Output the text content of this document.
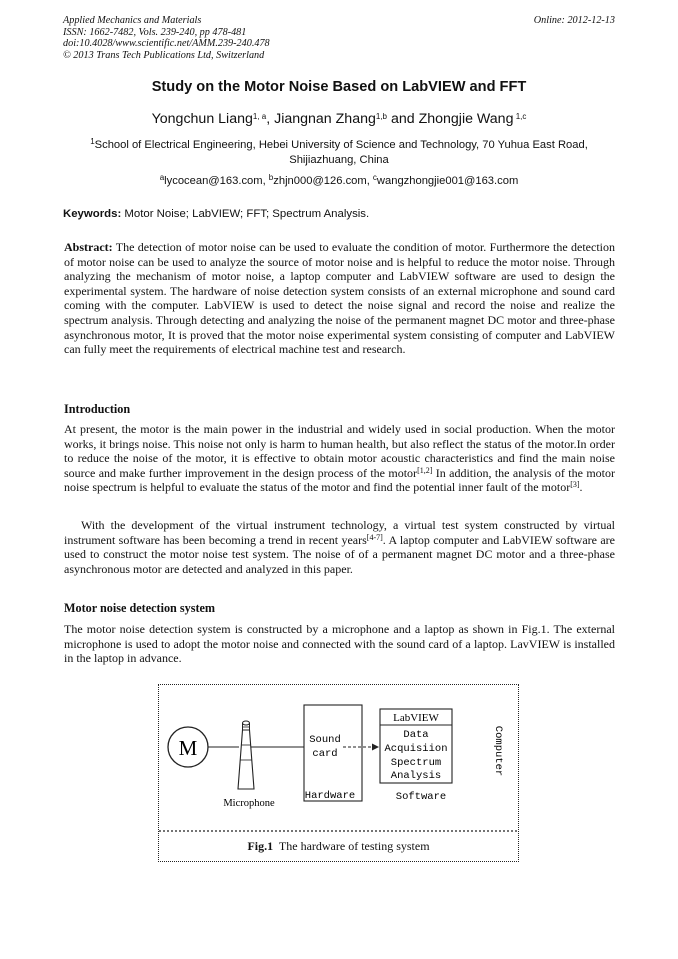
Applied Mechanics and Materials
ISSN: 1662-7482, Vols. 239-240, pp 478-481
doi:10.4028/www.scientific.net/AMM.239-240.478
© 2013 Trans Tech Publications Ltd, Switzerland
Online: 2012-12-13
Study on the Motor Noise Based on LabVIEW and FFT
Yongchun Liang$^{1, a}$, Jiangnan Zhang$^{1,b}$ and Zhongjie Wang $^{1,c}$
$^1$School of Electrical Engineering, Hebei University of Science and Technology, 70 Yuhua East Road,
Shijiazhuang, China
$^a$lycocean@163.com, $^b$zhjn000@126.com, $^c$wangzhongjie001@163.com
Keywords: Motor Noise; LabVIEW; FFT; Spectrum Analysis.
Abstract: The detection of motor noise can be used to evaluate the condition of motor. Furthermore the detection of motor noise can be used to analyze the source of motor noise and is helpful to reduce the motor noise. Through analyzing the mechanism of motor noise, a laptop computer and LabVIEW software are used to design the experimental system. The hardware of noise detection system consists of an external microphone and sound card coming with the computer. LabVIEW is used to detect the noise signal and record the noise and realize the spectrum analysis. Through detecting and analyzing the noise of the permanent magnet DC motor and three-phase asynchronous motor, It is proved that the motor noise experimental system consisting of computer and LabVIEW can fully meet the requirements of electrical machine test and research.
Introduction
At present, the motor is the main power in the industrial and widely used in social production. When the motor works, it brings noise. This noise not only is harm to human health, but also reflect the status of the motor.In order to reduce the noise of the motor, it is effective to obtain motor acoustic characteristics and find the main noise source and make further improvement in the design process of the motor[1,2] In addition, the analysis of the motor noise spectrum is helpful to evaluate the status of the motor and find the potential inner fault of the motor[3].
With the development of the virtual instrument technology, a virtual test system constructed by virtual instrument software has been becoming a trend in recent years[4-7]. A laptop computer and LabVIEW software are used to construct the motor noise test system. The noise of of a permanent magnet DC motor and a three-phase asynchronous motor are detected and analyzed in this paper.
Motor noise detection system
The motor noise detection system is constructed by a microphone and a laptop as shown in Fig.1. The external microphone is used to adopt the motor noise and connected with the sound card of a laptop. LavVIEW is installed in the laptop in advance.
M
Microphone
Sound
card
Hardware
LabVIEW
Data
Acquisiion
Spectrum
Analysis
Software
Computer
Fig.1  The hardware of testing system
